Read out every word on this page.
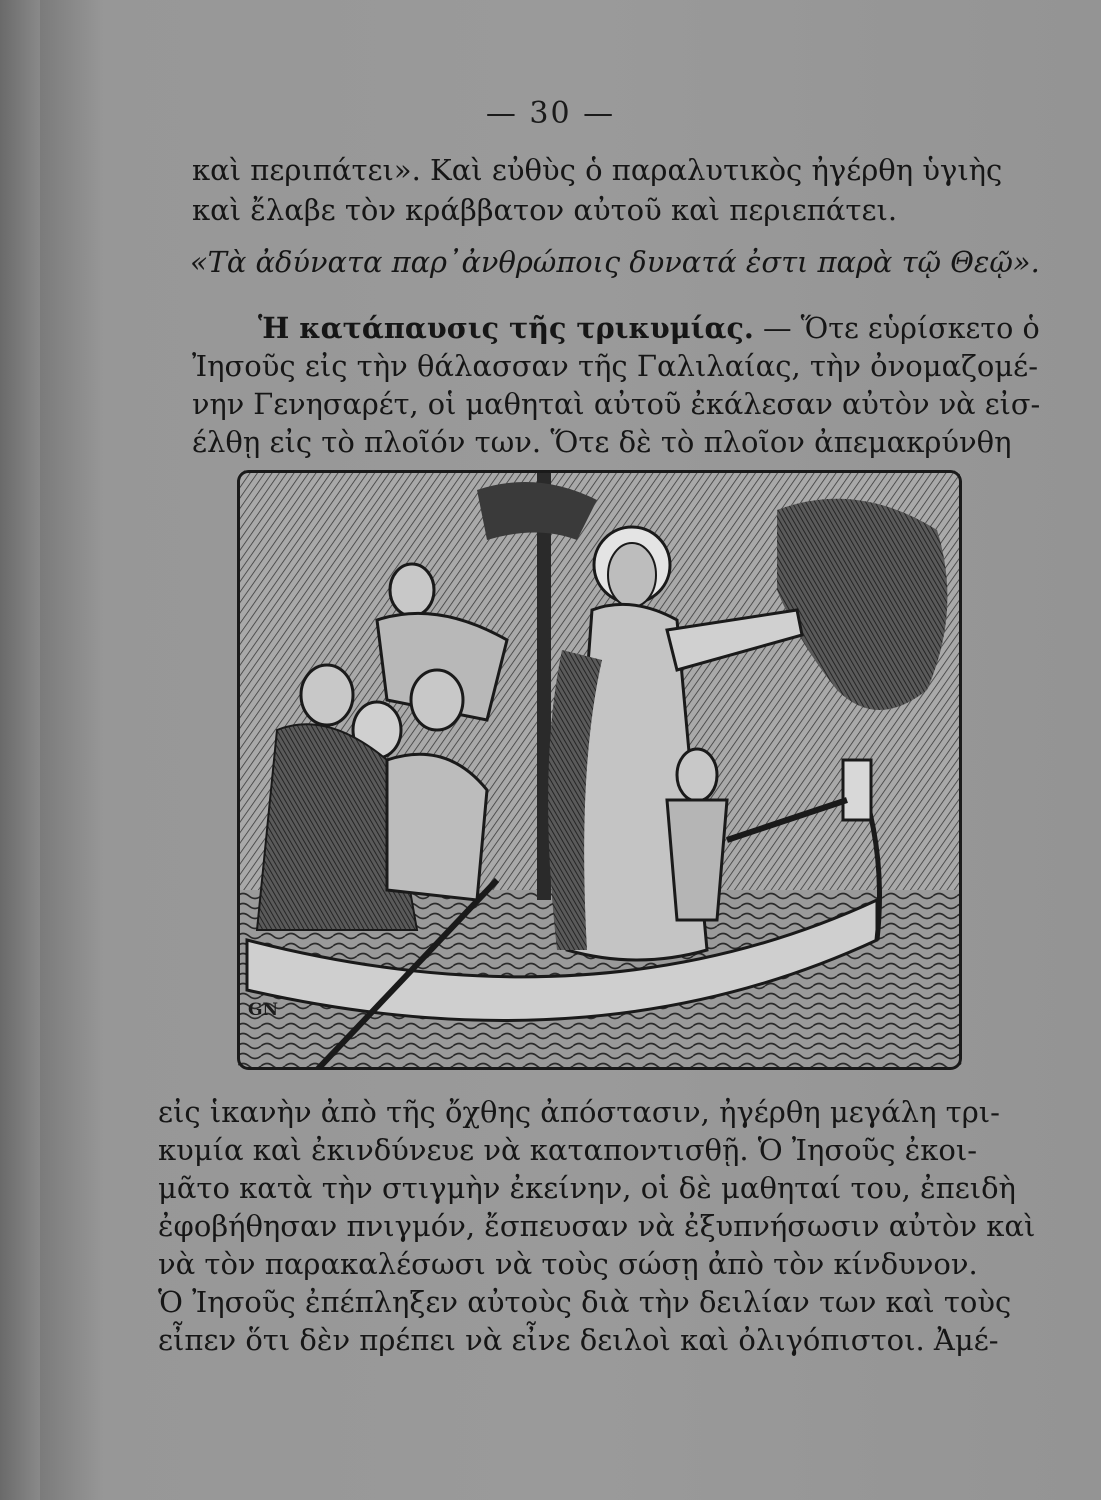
— 30 —
καὶ περιπάτει». Καὶ εὐθὺς ὁ παραλυτικὸς ἠγέρθη ὑγιὴς
καὶ ἔλαβε τὸν κράββατον αὐτοῦ καὶ περιεπάτει.
«Τὰ ἀδύνατα παρ᾽ἀνθρώποις δυνατά ἐστι παρὰ τῷ Θεῷ».
Ἡ κατάπαυσις τῆς τρικυμίας. — Ὅτε εὑρίσκετο ὁ
Ἰησοῦς εἰς τὴν θάλασσαν τῆς Γαλιλαίας, τὴν ὀνομαζομέ-
νην Γενησαρέτ, οἱ μαθηταὶ αὐτοῦ ἐκάλεσαν αὐτὸν νὰ εἰσ-
έλθῃ εἰς τὸ πλοῖόν των. Ὅτε δὲ τὸ πλοῖον ἀπεμακρύνθη
GN
εἰς ἱκανὴν ἀπὸ τῆς ὄχθης ἀπόστασιν, ἠγέρθη μεγάλη τρι-
κυμία καὶ ἐκινδύνευε νὰ καταποντισθῇ. Ὁ Ἰησοῦς ἐκοι-
μᾶτο κατὰ τὴν στιγμὴν ἐκείνην, οἱ δὲ μαθηταί του, ἐπειδὴ
ἐφοβήθησαν πνιγμόν, ἔσπευσαν νὰ ἐξυπνήσωσιν αὐτὸν καὶ
νὰ τὸν παρακαλέσωσι νὰ τοὺς σώσῃ ἀπὸ τὸν κίνδυνον.
Ὁ Ἰησοῦς ἐπέπληξεν αὐτοὺς διὰ τὴν δειλίαν των καὶ τοὺς
εἶπεν ὅτι δὲν πρέπει νὰ εἶνε δειλοὶ καὶ ὀλιγόπιστοι. Ἀμέ-
